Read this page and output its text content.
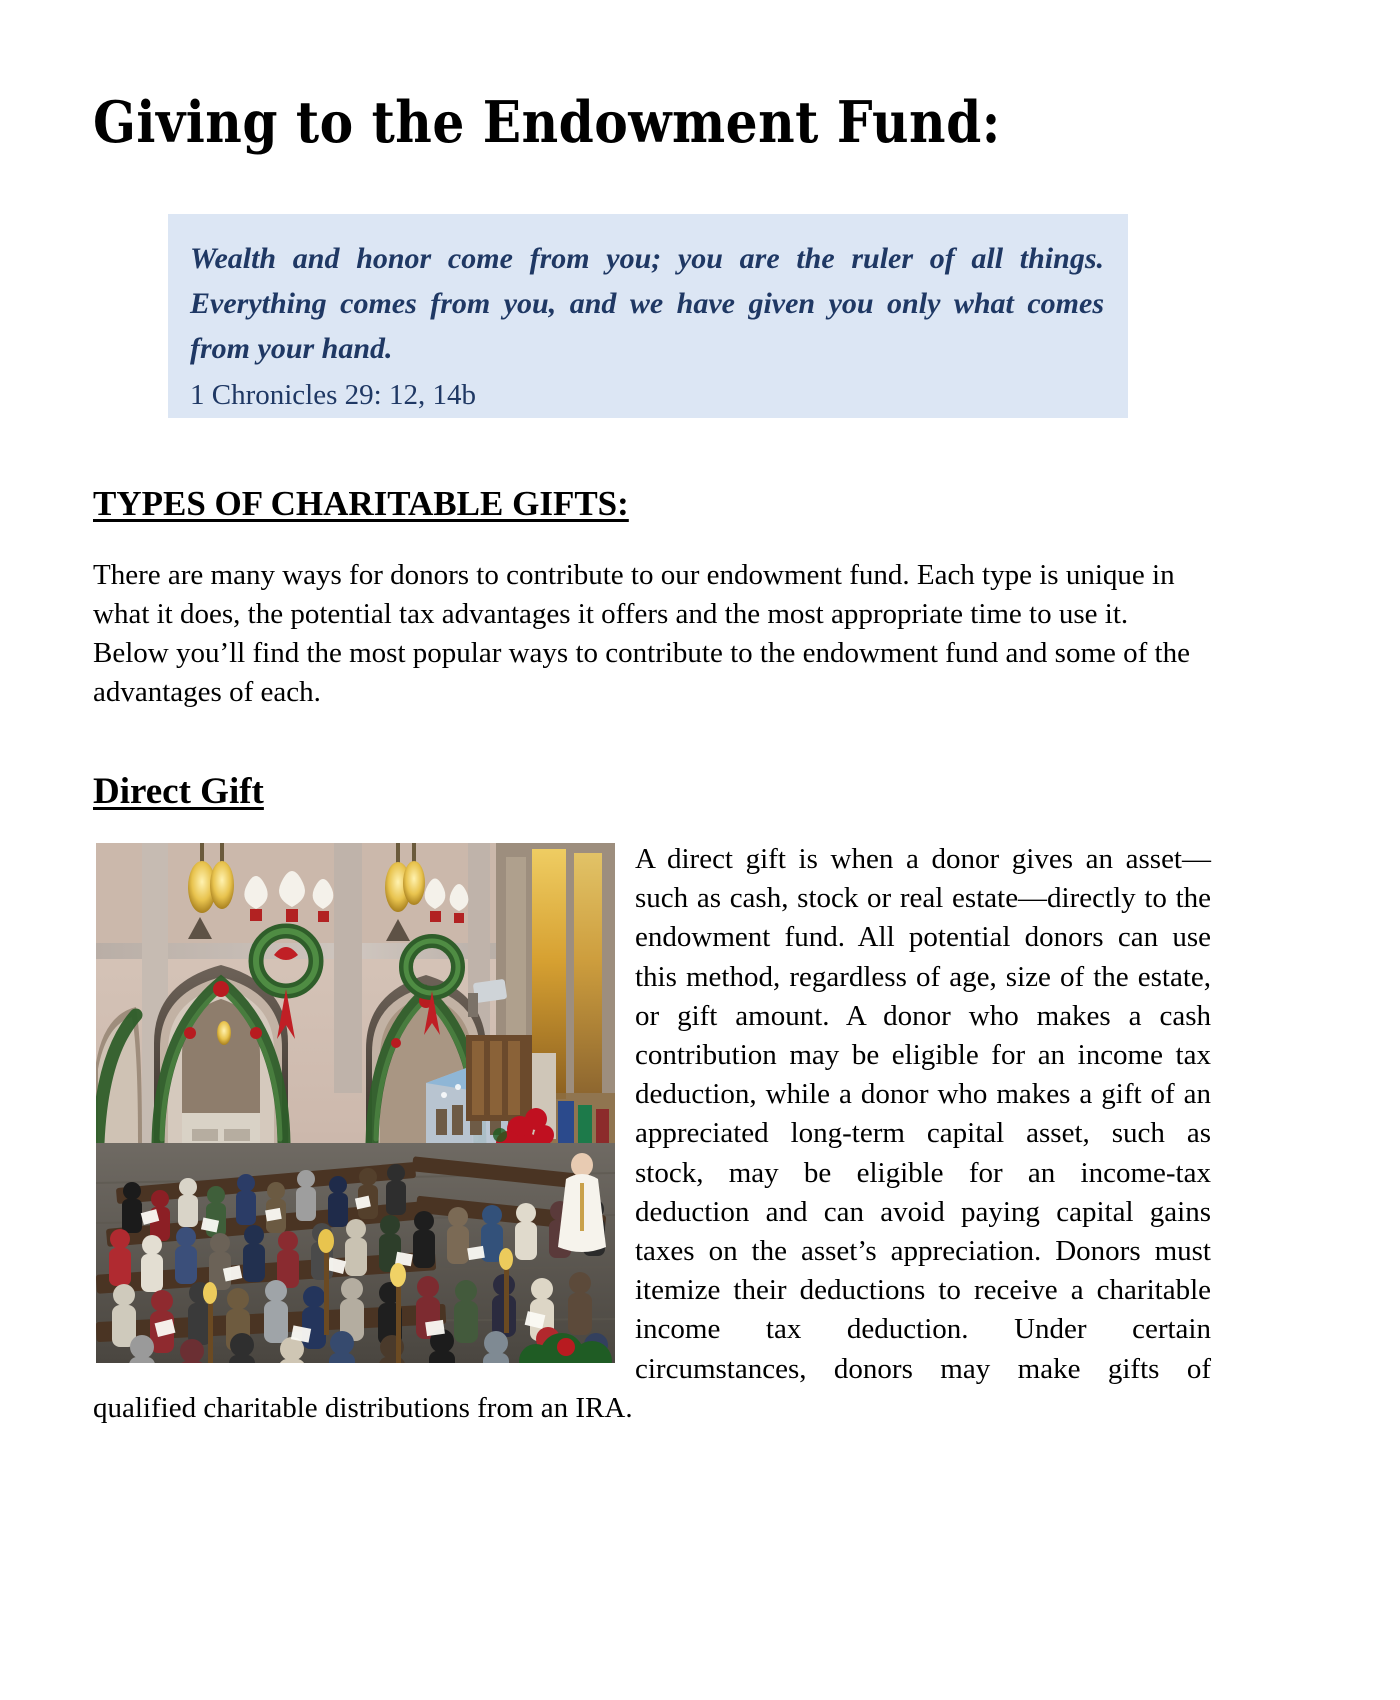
Giving to the Endowment Fund:

Wealth and honor come from you; you are the ruler of all things. Everything comes from you, and we have given you only what comes from your hand.

1 Chronicles 29: 12, 14b

TYPES OF CHARITABLE GIFTS:

There are many ways for donors to contribute to our endowment fund. Each type is unique in what it does, the potential tax advantages it offers and the most appropriate time to use it. Below you’ll find the most popular ways to contribute to the endowment fund and some of the advantages of each.

Direct Gift

A direct gift is when a donor gives an asset—such as cash, stock or real estate—directly to the endowment fund. All potential donors can use this method, regardless of age, size of the estate, or gift amount. A donor who makes a cash contribution may be eligible for an income tax deduction, while a donor who makes a gift of an appreciated long-term capital asset, such as stock, may be eligible for an income-tax deduction and can avoid paying capital gains taxes on the asset’s appreciation. Donors must itemize their deductions to receive a charitable income tax deduction. Under certain circumstances, donors may make gifts of qualified charitable distributions from an IRA.
